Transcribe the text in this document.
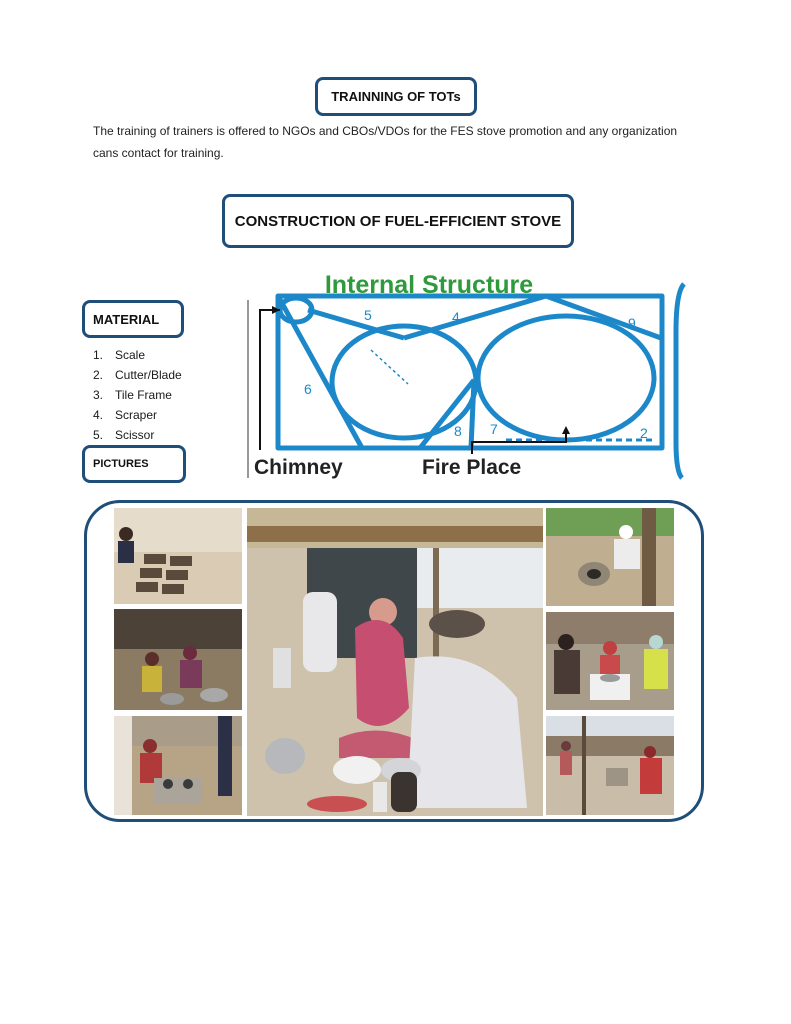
TRAINNING OF TOTs

The training of trainers is offered to NGOs and CBOs/VDOs for the FES stove promotion and any organization cans contact for training.

CONSTRUCTION OF FUEL-EFFICIENT STOVE
MATERIAL
1. Scale
2. Cutter/Blade
3. Tile Frame
4. Scraper
5. Scissor
PICTURES
Internal Structure
5	4	9
6
8 7	2
Chimney	Fire Place
